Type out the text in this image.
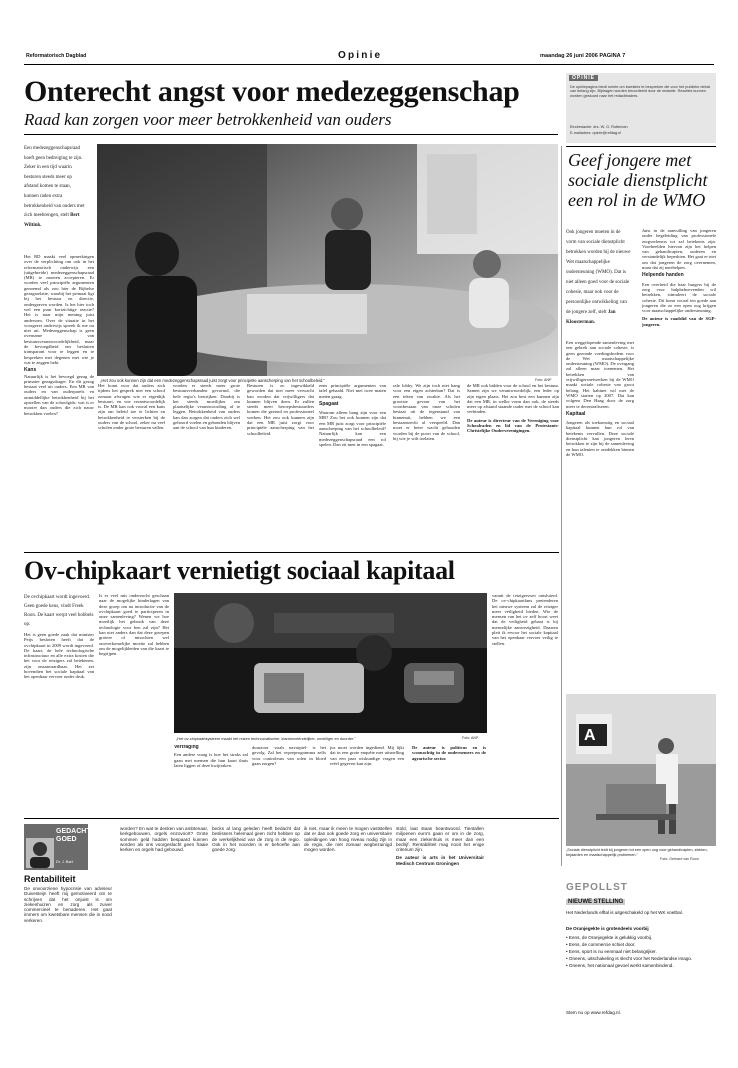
Reformatorisch Dagblad	Opinie	maandag 26 juni 2006 PAGINA 7
Onterecht angst voor medezeggenschap
Raad kan zorgen voor meer betrokkenheid van ouders
OPINIE
De opiniepagina biedt ruimte om kwesties te bespreken die voor het publieke debat van belang zijn. Bijdragen worden beoordeeld door de redactie. Reacties kunnen worden gestuurd naar het redactieadres.
Eindredactie: drs. W. G. Rutteman
E-mailadres: opinie@refdag.nl
Een medezeggenschapsraad hoeft geen bedreiging te zijn. Zeker in een tijd waarin besturen steeds meer op afstand komen te staan, kunnen raden extra betrokkenheid van ouders met zich meebrengen, stelt Bert Wiltink.
„Het zou ook kunnen zijn dat een medezeggenschapsraad juist zorgt voor principiële aanscherping van het schoolbeleid."	Foto: ANP
Het RD maakt veel opmerkingen over de verplichting om ook in het reformatorisch onderwijs een (uitgebreide) medezeggenschapsraad (MR) te moeten accepteren. Er worden veel principiële argumenten genoemd als zou hier de Bijbelse gezagsrelatie, waarbij het primaat ligt bij het bestuur en directie, ondergraven worden. Is het hier toch wel een puur kortzichtige reactie? Het is naar mijn mening juist andersom. Over de situatie in het voorgezet onderwijs spreek ik me nu niet uit. Medezeggenschap is geen overname van bestuursverantwoordelijkheid, maar de bevoegdheid om besluiten transparant voor te leggen en te bespreken met degenen met wie je wat te zeggen hebt.
Kans
Natuurlijk is het bevoegd gezag de primaire gezagsdrager. En dit gezag bestaat veel uit ouders. Een MR van ouders en van ouderparels en onmiddellijke betrokkenheid bij het opstellen van de schoolgids: wat is er mooier dan ouders die zich nauw betrokken voelen?
Het komt voor dat ouders zich tijdens het gesprek met een school zomaar afvragen wie er eigenlijk bestuurt, en wie verantwoordelijk is. De MR kan ook vooral een kans zijn om beleid toe te lichten en betrokkenheid te versterken bij de ouders van de school, zeker nu veel scholen onder grote besturen vallen.
worden er steeds meer grote bestuursverbanden gevormd, die hele regio's bestrijken. Daarbij is het steeds moeilijker om plaatselijke verantwoording af te leggen. Betrokkenheid van ouders kan dan zorgen dat ouders zich wel gehoord voelen en gebonden blijven aan de school van hun kinderen.
Besturen is zo ingewikkeld geworden dat niet meer verwacht kan worden dat vrijwilligers dat kunnen blijven doen. Er zullen steeds meer beroepsbestuurders komen die gezond en professioneel werken. Het zou ook kunnen zijn dat een MR juist zorgt voor principiële aanscherping van het schoolbeleid.
eens principiële argumenten van tafel gehaald. Niet met twee maten meten graag.
Spagaat
Waarom alleen bang zijn voor een MR? Zou het ook kunnen zijn dat een MR juist zorgt voor principiële aanscherping van het schoolbeleid? Natuurlijk kan een medezeggenschapsraad een rol spelen. Dan zit men in een spagaat.
rale lobby. We zijn toch niet bang voor een eigen achterban? Dat is een teken van zwakte. Als het grootste gevaar van het voortbestaan van onze scholen bestaat uit de tegenstand van binnenuit, hebben we een bestaansrecht al verspeeld. Dan moet er beter wacht gehouden worden bij de poort van de school, bij wie je wilt toelaten.
de MR ook bidden voor de school en het bestuur. Samen zijn we verantwoordelijk, een leder op zijn eigen plaats. Het zou best een kunnen zijn dat een MR, in welke vorm dan ook, de steeds meer op afstand staande ouder met de school kan verbinden.
De auteur is directeur van de Vereniging voor Schoolraden en lid van de Protestants-Christelijke Ouderverenigingen.
Geef jongere met sociale dienstplicht een rol in de WMO
Ook jongeren moeten in de vorm van sociale dienstplicht betrokken worden bij de nieuwe Wet maatschappelijke ondersteuning (WMO). Dat is niet alleen goed voor de sociale cohesie, maar ook voor de persoonlijke ontwikkeling van de jongere zelf, stelt Jan Kloosterman.
Een weggelopende samenleving met een gebrek aan sociale cohesie, is geen gezonde voedingsbodem voor de Wet maatschappelijke ondersteuning (WMO). De overgang zal alleen maar toenemen. Het betrekken van vrijwilligersnetwerken bij de WMO maakt sociale cohesie van groot belang. Het kabinet wil met de WMO starten op 2007. Dat kan volgens Den Haag door de zorg meer te decentraliseren.
Kapitaal
Jongeren als toekomstig en sociaal kapitaal kunnen hun rol van betekenis vervullen. Deze sociale dienstplicht kan jongeren leren betrokken te zijn bij de samenleving en hun talenten te ontdekken binnen de WMO.
Juist in de aanvulling van jongeren onder begeleiding van professionele zorgverleners tot zal betekenis zijn. Voorbeelden hiervan zijn het helpen van gehandicapten, ouderen en verstandelijk beperkten. Het gaat er niet om dat jongeren de zorg overnemen, maar dat zij meehelpen.
Helpende handen
Een overheid die haar burgers bij de zorg voor hulpbehoevenden wil betrekken, stimuleert de sociale cohesie. Dit komt vooral ten goede aan jongeren die zo een open oog krijgen voor maatschappelijke ondersteuning.
De auteur is raadslid van de SGP-jongeren.
A
„Sociale dienstplicht leidt bij jongeren tot een open oog voor gehandicapten, ziekten, bejaarden en maatschappelijk problemen."
Foto: Gerhard van Roon
Ov-chipkaart vernietigt sociaal kapitaal
De ovchipkaart wordt ingevoerd. Geen goede keus, vindt Freek Roon. De kaart werpt veel hobbels op.
Het is geen goede zaak dat minister Peijs besloten heeft dat de ovchipkaart in 2009 wordt ingevoerd. De kaart, de hele technologische infrastructuur en alle extra kosten die het voor de reizigers zal betekenen, zijn onaanvaardbaar. Het zet bovendien het sociale kapitaal van het openbaar vervoer onder druk.
Is er veel mis onderzocht geschaan naar de mogelijke hinderlagen van deze groep om na introductie van de ovchipkaart goed te participeren in onze samenleving? Wenen we hoe moeilijk het gebruik van deze technologie voor hen zal zijn? Het kan niet anders dan dat deze groepen grotere of misschien wel onoverkomelijke moeite zal hebben om de mogelijkheden van die kaart te begrijpen.
„Het ov-chipkaartsysteem maakt het reizen technocratischer, klantonvriendelijker, onveiliger en duurder."	Foto: ANP
Vertraging
Een andere vraag is hoe het straks zal gaan met mensen die hun kaart thuis laten liggen of deze kwijtraken.
duurzoor -zoals navarpiel- is het gevolg. Zal het ovpreprogramma zelfs voor controleurs van rolen in bloed gaan zorgen?
jus moet worden ingediend. Mij lijkt dat in een grote enquête met uitsnelling van een paar wiskundige vragen een reëel gegeven kan zijn.
De auteur is politicus en is woonachtig in de ondernemers en de agrarische sector.
vanuit de reizigerswet ontsluierd. De ov-chipkaartfans pretenderen het nieuwe systeem zal de reiziger meer veiligheid bieden. Wie de mensen van het ov zelf hoort weet dat de veiligheid gebaat is bij menselijke aanwezigheid. Daarom pleit ik ervoor het sociale kapitaal van het openbaar vervoer veilig te stellen.
GEDACHTE GOED
Dr. J. Bart
Rentabiliteit
De onvoorziene hypocrisie van adviseur Duivesteijn heeft mij gemotiveerd om te schrijven dat het onjuist is om ziekenhuizen en zorg als zuiver commercieel te benaderen. Het gaat immers om kwetsbare mensen die in nood verkeren.
worden? En wat te denken van ambtenaar, kerkgebouwen, orgels enzovoort? Grote sommen geld hadden bespaard kunnen worden als ons voorgeslacht geen fraaie kerken en orgels had gebouwd.
becks al lang geleden heeft bedacht dat beslissers helemaal geen zicht hebben op de werkelijkheid van de zorg in de regio. Ook in het noorden is er behoefte aan goede zorg.
ik niet, maar ik meen te mogen vaststellen dat er dan ook goede zorg en universitaire opleidingen van hoog niveau nodig zijn in de regio, die niet zomaar wegbezuinigd mogen worden.
stold, laat staan beantwoord. Tientallen miljoenen euro's gaan er om in de zorg, maar een ziekenhuis is meer dan een bedrijf. Rentabiliteit mag nooit het enige criterium zijn.
De auteur is arts in het Universitair Medisch Centrum Groningen
GEPOLLST
NIEUWE STELLING
Het Nederlands elftal is uitgeschakeld op het WK voetbal.
De Oranjegekte is grotendeels voorbij
• Eens, de Oranjegekte is gelukkig voorbij.
• Eens, de commercie schiet door.
• Eens, sport is nu eenmaal niet belangrijker.
• Oneens, uitschakeling is slecht voor het Nederlandse imago.
• Oneens, het nationaal gevoel werkt samenbindend.
Stem nu op www.refdag.nl.
